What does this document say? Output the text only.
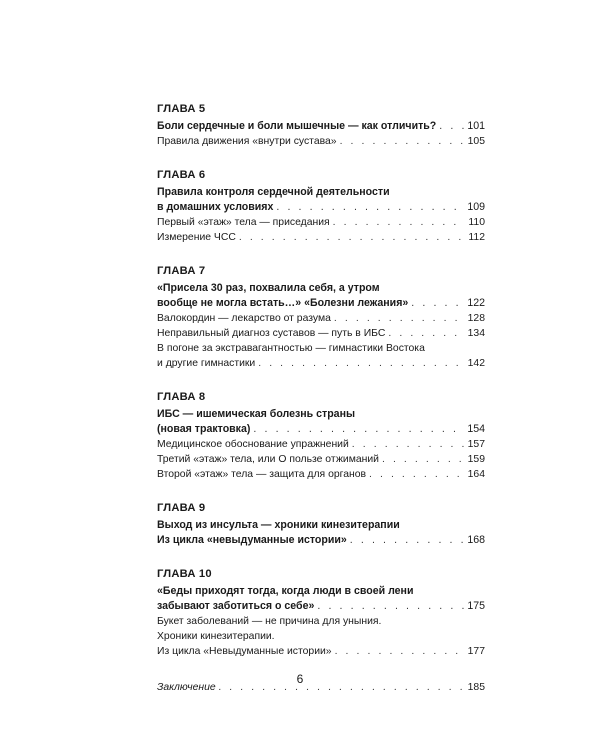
ГЛАВА 5
Боли сердечные и боли мышечные — как отличить? . . .	101
Правила движения «внутри сустава» . . .	105
ГЛАВА 6
Правила контроля сердечной деятельности
в домашних условиях . . .	109
Первый «этаж» тела — приседания . . .	110
Измерение ЧСС . . .	112
ГЛАВА 7
«Присела 30 раз, похвалила себя, а утром
вообще не могла встать…» «Болезни лежания» . . .	122
Валокордин — лекарство от разума . . .	128
Неправильный диагноз суставов — путь в ИБС . . .	134
В погоне за экстравагантностью — гимнастики Востока
и другие гимнастики . . .	142
ГЛАВА 8
ИБС — ишемическая болезнь страны
(новая трактовка) . . .	154
Медицинское обоснование упражнений . . .	157
Третий «этаж» тела, или О пользе отжиманий . . .	159
Второй «этаж» тела — защита для органов . . .	164
ГЛАВА 9
Выход из инсульта — хроники кинезитерапии
Из цикла «невыдуманные истории» . . .	168
ГЛАВА 10
«Беды приходят тогда, когда люди в своей лени
забывают заботиться о себе» . . .	175
Букет заболеваний — не причина для уныния.
Хроники кинезитерапии.
Из цикла «Невыдуманные истории» . . .	177
Заключение . . .	185
6
